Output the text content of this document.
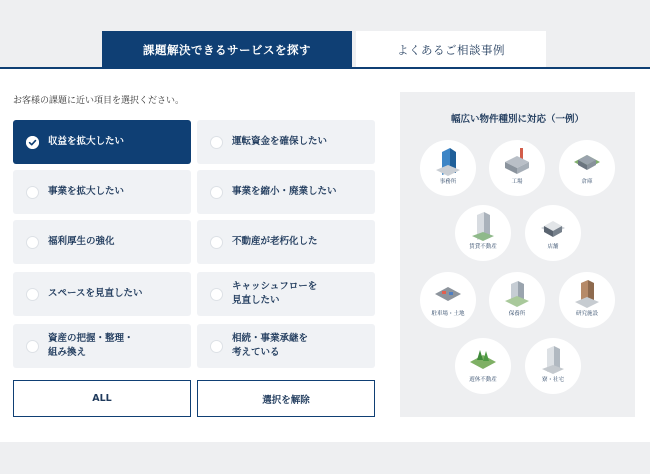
課題解決できるサービスを探す	よくあるご相談事例
お客様の課題に近い項目を選択ください。
収益を拡大したい	運転資金を確保したい
事業を拡大したい	事業を縮小・廃業したい
福利厚生の強化	不動産が老朽化した
スペースを見直したい
キャッシュフローを
見直したい
資産の把握・整理・
組み換え
相続・事業承継を
考えている
ALL	選択を解除
幅広い物件種別に対応（一例）
事務所	工場	倉庫
賃貸不動産	店舗
駐車場・土地	保養所	研究施設
遊休不動産	寮・社宅
